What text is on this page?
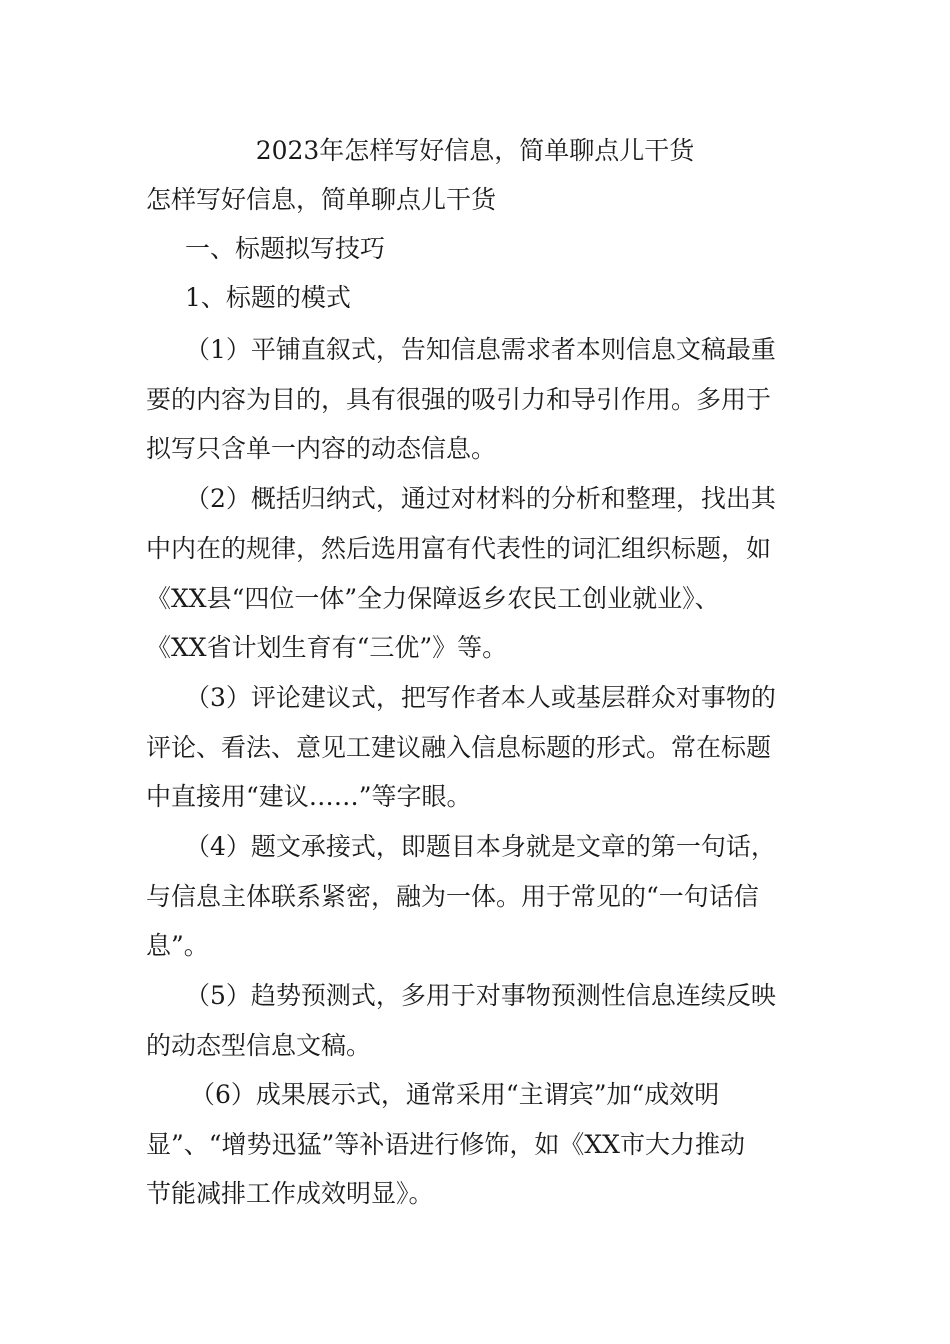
2023年怎样写好信息，简单聊点儿干货
怎样写好信息，简单聊点儿干货
一、标题拟写技巧
1、标题的模式
（1）平铺直叙式，告知信息需求者本则信息文稿最重
要的内容为目的，具有很强的吸引力和导引作用。多用于
拟写只含单一内容的动态信息。
（2）概括归纳式，通过对材料的分析和整理，找出其
中内在的规律，然后选用富有代表性的词汇组织标题，如
《XX县“四位一体”全力保障返乡农民工创业就业》、
《XX省计划生育有“三优”》等。
（3）评论建议式，把写作者本人或基层群众对事物的
评论、看法、意见工建议融入信息标题的形式。常在标题
中直接用“建议……”等字眼。
（4）题文承接式，即题目本身就是文章的第一句话，
与信息主体联系紧密，融为一体。用于常见的“一句话信
息”。
（5）趋势预测式，多用于对事物预测性信息连续反映
的动态型信息文稿。
（6）成果展示式，通常采用“主谓宾”加“成效明
显”、“增势迅猛”等补语进行修饰，如《XX市大力推动
节能减排工作成效明显》。
